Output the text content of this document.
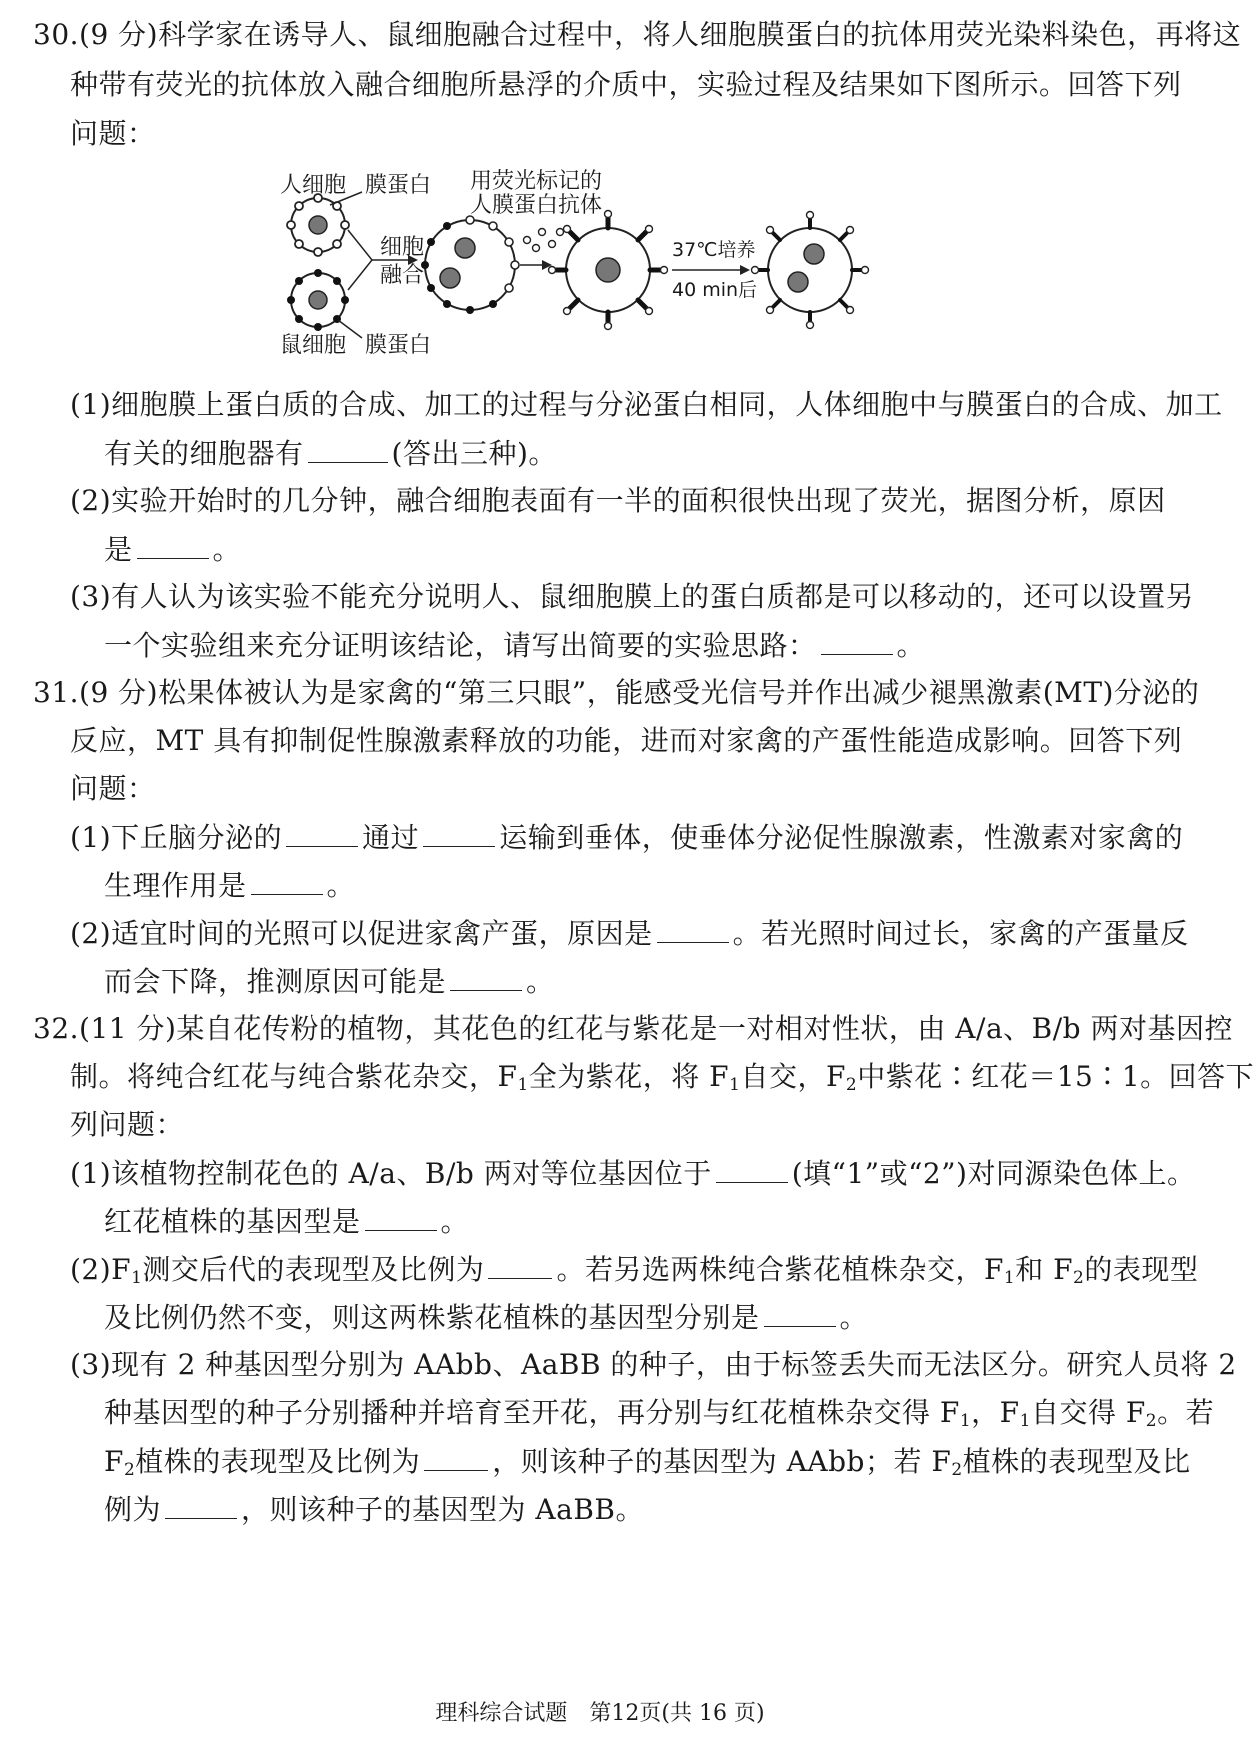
30.(9 分)科学家在诱导人、鼠细胞融合过程中，将人细胞膜蛋白的抗体用荧光染料染色，再将这
种带有荧光的抗体放入融合细胞所悬浮的介质中，实验过程及结果如下图所示。回答下列
问题：
人细胞 膜蛋白
细胞
融合
鼠细胞 膜蛋白
用荧光标记的
人膜蛋白抗体
37℃培养
40 min后
(1)细胞膜上蛋白质的合成、加工的过程与分泌蛋白相同，人体细胞中与膜蛋白的合成、加工
有关的细胞器有	(答出三种)。
(2)实验开始时的几分钟，融合细胞表面有一半的面积很快出现了荧光，据图分析，原因
是	。
(3)有人认为该实验不能充分说明人、鼠细胞膜上的蛋白质都是可以移动的，还可以设置另
一个实验组来充分证明该结论，请写出简要的实验思路：	。
31.(9 分)松果体被认为是家禽的“第三只眼”，能感受光信号并作出减少褪黑激素(MT)分泌的
反应，MT 具有抑制促性腺激素释放的功能，进而对家禽的产蛋性能造成影响。回答下列
问题：
(1)下丘脑分泌的	通过	运输到垂体，使垂体分泌促性腺激素，性激素对家禽的
生理作用是	。
(2)适宜时间的光照可以促进家禽产蛋，原因是	。若光照时间过长，家禽的产蛋量反
而会下降，推测原因可能是	。
32.(11 分)某自花传粉的植物，其花色的红花与紫花是一对相对性状，由 A/a、B/b 两对基因控
制。将纯合红花与纯合紫花杂交，$F_1$全为紫花，将 $F_1$自交，$F_2$中紫花∶红花＝15∶1。回答下
列问题：
(1)该植物控制花色的 A/a、B/b 两对等位基因位于	(填“1”或“2”)对同源染色体上。
红花植株的基因型是	。
$(2)F_1$测交后代的表现型及比例为	。若另选两株纯合紫花植株杂交，$F_1$和 $F_2$的表现型
及比例仍然不变，则这两株紫花植株的基因型分别是	。
(3)现有 2 种基因型分别为 AAbb、AaBB 的种子，由于标签丢失而无法区分。研究人员将 2
种基因型的种子分别播种并培育至开花，再分别与红花植株杂交得 $F_1$，$F_1$自交得 $F_2$。若
$F_2$植株的表现型及比例为	，则该种子的基因型为 AAbb；若 $F_2$植株的表现型及比
例为	，则该种子的基因型为 AaBB。
理科综合试题　第12页(共 16 页)
